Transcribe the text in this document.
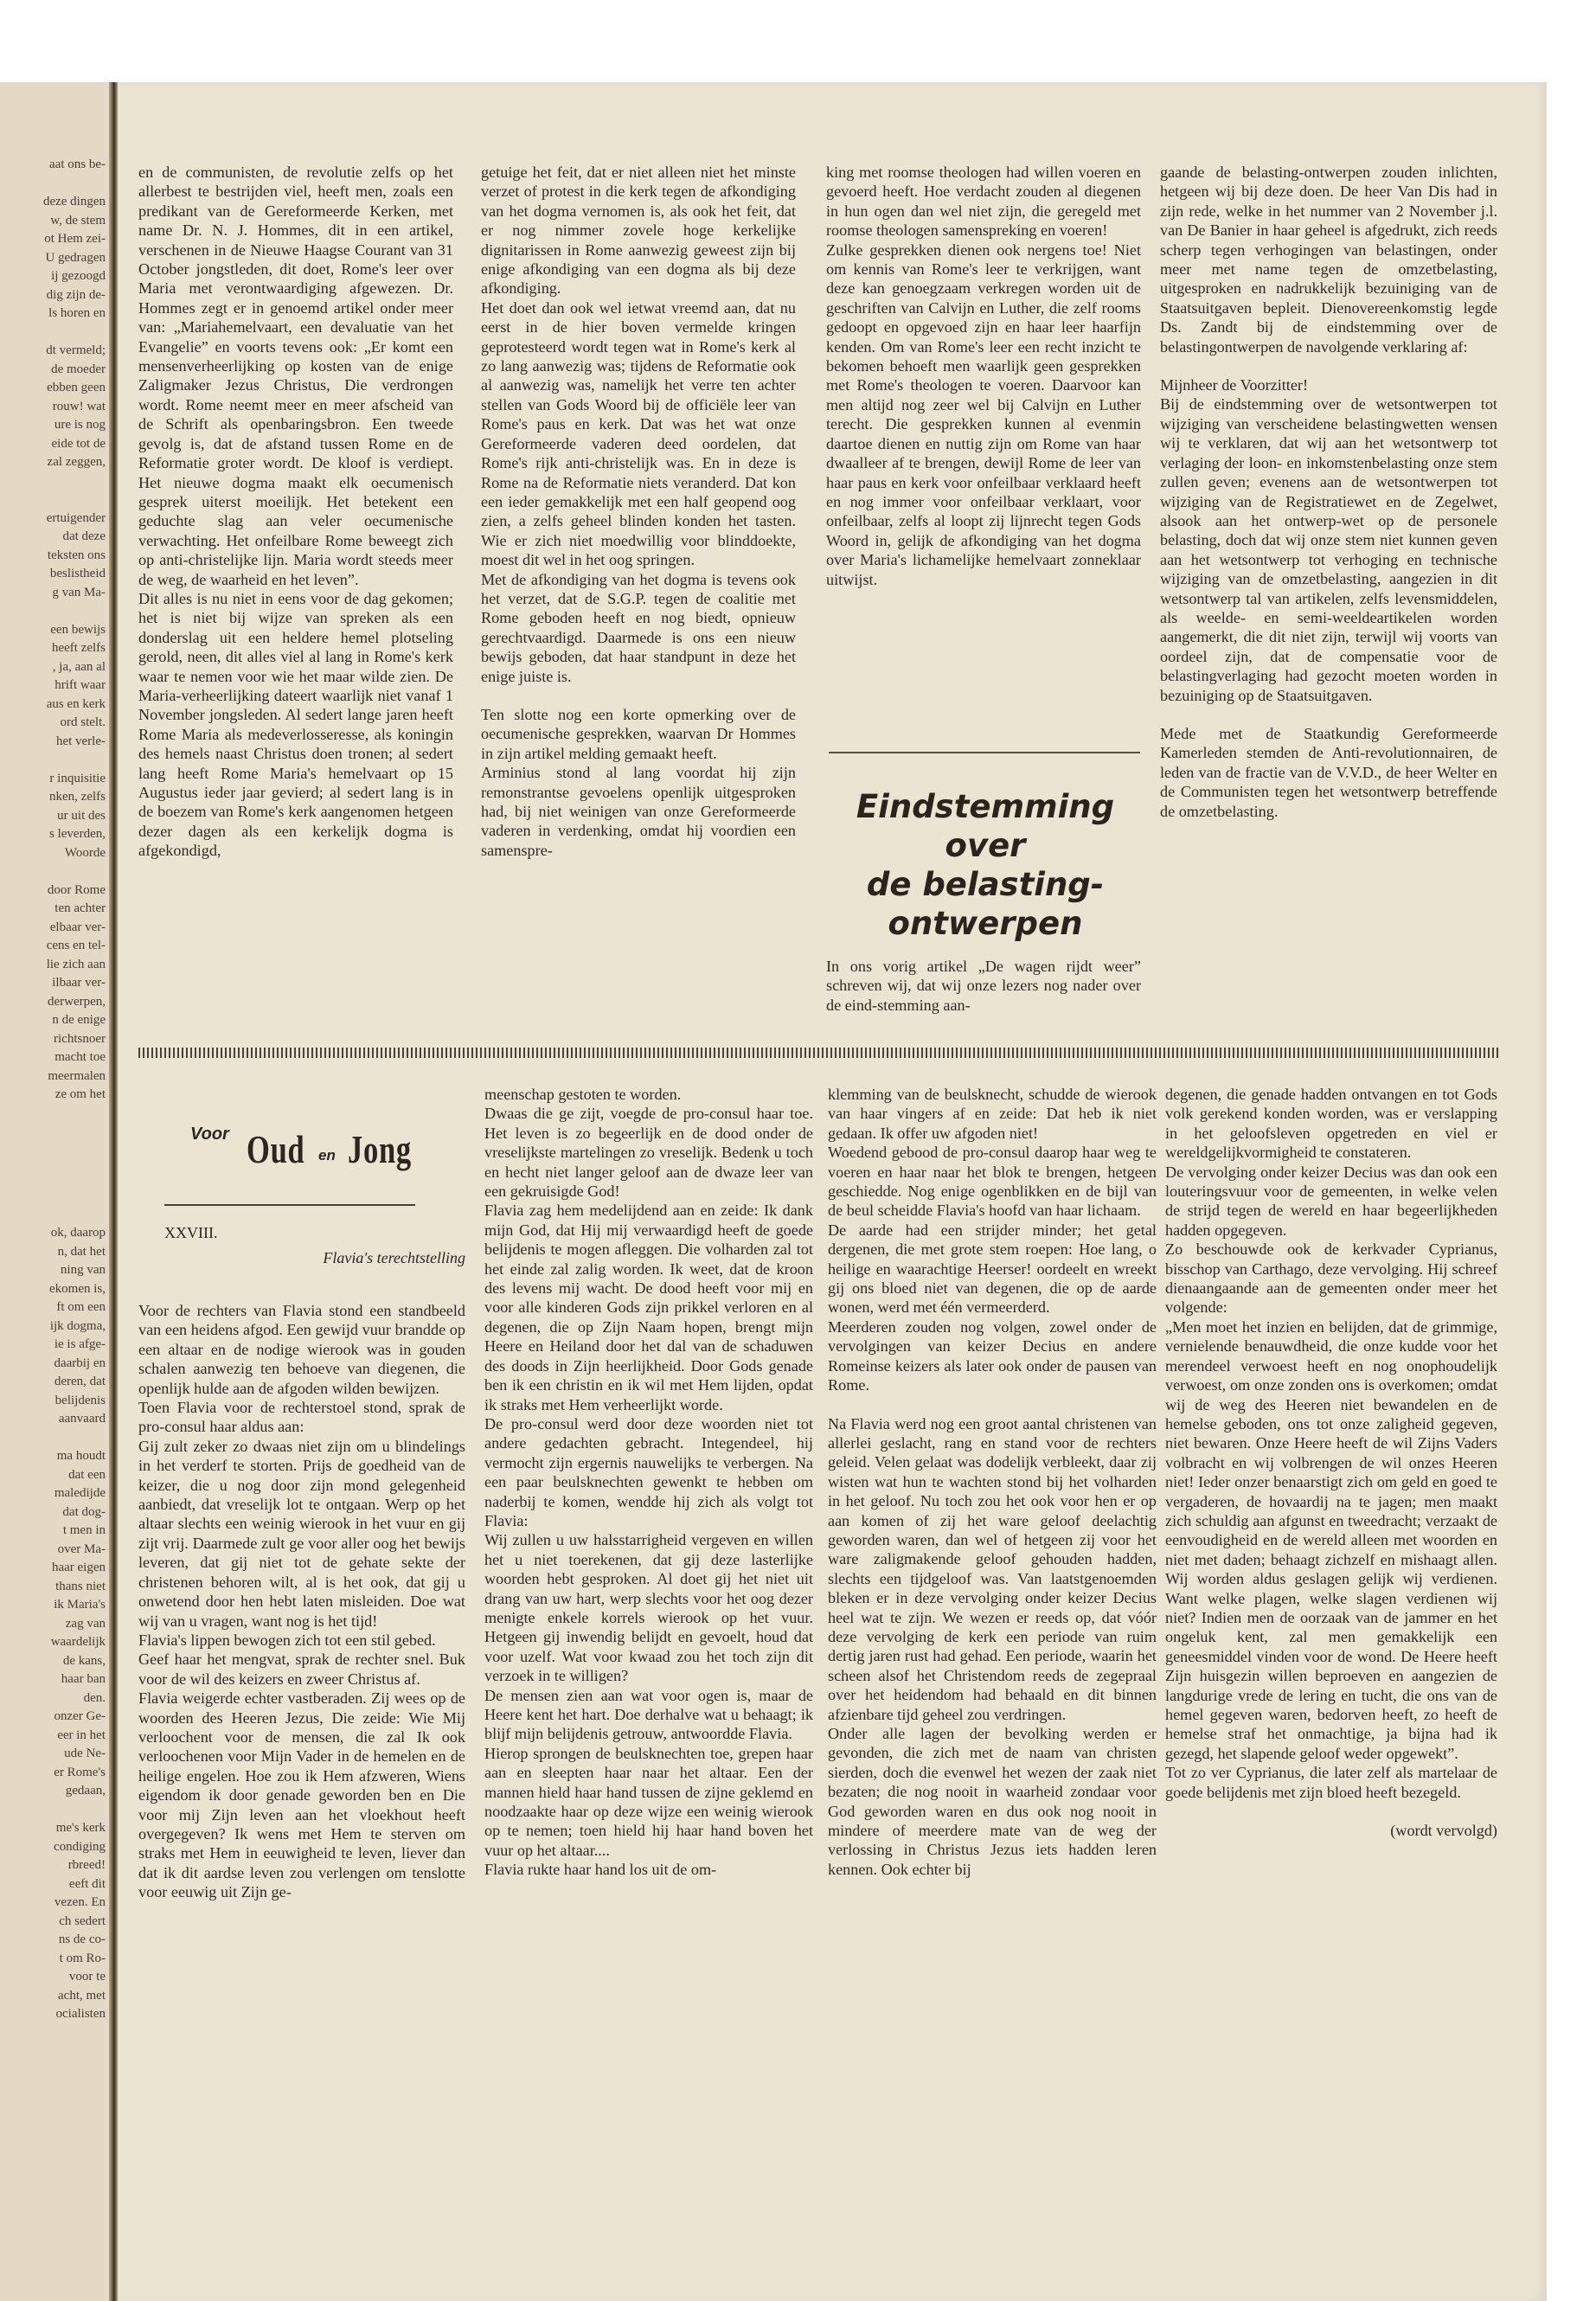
aat ons be-

deze dingen
w, de stem
ot Hem zei-
U gedragen
ij gezoogd
dig zijn de-
ls horen en

dt vermeld;
de moeder
ebben geen
rouw! wat
ure is nog
eide tot de
zal zeggen,

ertuigender
dat deze
teksten ons
beslistheid
g van Ma-

een bewijs
heeft zelfs
, ja, aan al
hrift waar
aus en kerk
ord stelt.
het verle-

r inquisitie
nken, zelfs
ur uit des
s leverden,
Woorde

door Rome
ten achter
elbaar ver-
cens en tel-
lie zich aan
ilbaar ver-
derwerpen,
n de enige
richtsnoer
macht toe
meermalen
ze om het
ok, daarop
n, dat het
ning van
ekomen is,
ft om een
ijk dogma,
ie is afge-
daarbij en
deren, dat
belijdenis
aanvaard

ma houdt
dat een
maledijde
dat dog-
t men in
over Ma-
haar eigen
thans niet
ik Maria's
zag van
waardelijk
de kans,
haar ban
den.
onzer Ge-
eer in het
ude Ne-
er Rome's
gedaan,

me's kerk
condiging
rbreed!
eeft dit
vezen. En
ch sedert
ns de co-
t om Ro-
voor te
acht, met
ocialisten

en de communisten, de revolutie zelfs op het allerbest te bestrijden viel, heeft men, zoals een predikant van de Gereformeerde Kerken, met name Dr. N. J. Hommes, dit in een artikel, verschenen in de Nieuwe Haagse Courant van 31 October jongstleden, dit doet, Rome's leer over Maria met verontwaardiging afgewezen. Dr. Hommes zegt er in genoemd artikel onder meer van: „Mariahemelvaart, een devaluatie van het Evangelie” en voorts tevens ook: „Er komt een mensenverheerlijking op kosten van de enige Zaligmaker Jezus Christus, Die verdrongen wordt. Rome neemt meer en meer afscheid van de Schrift als openbaringsbron. Een tweede gevolg is, dat de afstand tussen Rome en de Reformatie groter wordt. De kloof is verdiept. Het nieuwe dogma maakt elk oecumenisch gesprek uiterst moeilijk. Het betekent een geduchte slag aan veler oecumenische verwachting. Het onfeilbare Rome beweegt zich op anti-christelijke lijn. Maria wordt steeds meer de weg, de waarheid en het leven”.

Dit alles is nu niet in eens voor de dag gekomen; het is niet bij wijze van spreken als een donderslag uit een heldere hemel plotseling gerold, neen, dit alles viel al lang in Rome's kerk waar te nemen voor wie het maar wilde zien. De Maria-verheerlijking dateert waarlijk niet vanaf 1 November jongsleden. Al sedert lange jaren heeft Rome Maria als medeverlosseresse, als koningin des hemels naast Christus doen tronen; al sedert lang heeft Rome Maria's hemelvaart op 15 Augustus ieder jaar gevierd; al sedert lang is in de boezem van Rome's kerk aangenomen hetgeen dezer dagen als een kerkelijk dogma is afgekondigd,

getuige het feit, dat er niet alleen niet het minste verzet of protest in die kerk tegen de afkondiging van het dogma vernomen is, als ook het feit, dat er nog nimmer zovele hoge kerkelijke dignitarissen in Rome aanwezig geweest zijn bij enige afkondiging van een dogma als bij deze afkondiging.

Het doet dan ook wel ietwat vreemd aan, dat nu eerst in de hier boven vermelde kringen geprotesteerd wordt tegen wat in Rome's kerk al zo lang aanwezig was; tijdens de Reformatie ook al aanwezig was, namelijk het verre ten achter stellen van Gods Woord bij de officiële leer van Rome's paus en kerk. Dat was het wat onze Gereformeerde vaderen deed oordelen, dat Rome's rijk anti-christelijk was. En in deze is Rome na de Reformatie niets veranderd. Dat kon een ieder gemakkelijk met een half geopend oog zien, a zelfs geheel blinden konden het tasten. Wie er zich niet moedwillig voor blinddoekte, moest dit wel in het oog springen.

Met de afkondiging van het dogma is tevens ook het verzet, dat de S.G.P. tegen de coalitie met Rome geboden heeft en nog biedt, opnieuw gerechtvaardigd. Daarmede is ons een nieuw bewijs geboden, dat haar standpunt in deze het enige juiste is.

Ten slotte nog een korte opmerking over de oecumenische gesprekken, waarvan Dr Hommes in zijn artikel melding gemaakt heeft.

Arminius stond al lang voordat hij zijn remonstrantse gevoelens openlijk uitgesproken had, bij niet weinigen van onze Gereformeerde vaderen in verdenking, omdat hij voordien een samenspre-

king met roomse theologen had willen voeren en gevoerd heeft. Hoe verdacht zouden al diegenen in hun ogen dan wel niet zijn, die geregeld met roomse theologen samenspreking en voeren!

Zulke gesprekken dienen ook nergens toe! Niet om kennis van Rome's leer te verkrijgen, want deze kan genoegzaam verkregen worden uit de geschriften van Calvijn en Luther, die zelf rooms gedoopt en opgevoed zijn en haar leer haarfijn kenden. Om van Rome's leer een recht inzicht te bekomen behoeft men waarlijk geen gesprekken met Rome's theologen te voeren. Daarvoor kan men altijd nog zeer wel bij Calvijn en Luther terecht. Die gesprekken kunnen al evenmin daartoe dienen en nuttig zijn om Rome van haar dwaalleer af te brengen, dewijl Rome de leer van haar paus en kerk voor onfeilbaar verklaard heeft en nog immer voor onfeilbaar verklaart, voor onfeilbaar, zelfs al loopt zij lijnrecht tegen Gods Woord in, gelijk de afkondiging van het dogma over Maria's lichamelijke hemelvaart zonneklaar uitwijst.

Eindstemming over
de belasting-
ontwerpen

In ons vorig artikel „De wagen rijdt weer” schreven wij, dat wij onze lezers nog nader over de eind-stemming aan-

gaande de belasting-ontwerpen zouden inlichten, hetgeen wij bij deze doen. De heer Van Dis had in zijn rede, welke in het nummer van 2 November j.l. van De Banier in haar geheel is afgedrukt, zich reeds scherp tegen verhogingen van belastingen, onder meer met name tegen de omzetbelasting, uitgesproken en nadrukkelijk bezuiniging van de Staatsuitgaven bepleit. Dienovereenkomstig legde Ds. Zandt bij de eindstemming over de belastingontwerpen de navolgende verklaring af:

Mijnheer de Voorzitter!

Bij de eindstemming over de wetsontwerpen tot wijziging van verscheidene belastingwetten wensen wij te verklaren, dat wij aan het wetsontwerp tot verlaging der loon- en inkomstenbelasting onze stem zullen geven; evenens aan de wetsontwerpen tot wijziging van de Registratiewet en de Zegelwet, alsook aan het ontwerp-wet op de personele belasting, doch dat wij onze stem niet kunnen geven aan het wetsontwerp tot verhoging en technische wijziging van de omzetbelasting, aangezien in dit wetsontwerp tal van artikelen, zelfs levensmiddelen, als weelde- en semi-weeldeartikelen worden aangemerkt, die dit niet zijn, terwijl wij voorts van oordeel zijn, dat de compensatie voor de belastingverlaging had gezocht moeten worden in bezuiniging op de Staatsuitgaven.

Mede met de Staatkundig Gereformeerde Kamerleden stemden de Anti-revolutionnairen, de leden van de fractie van de V.V.D., de heer Welter en de Communisten tegen het wetsontwerp betreffende de omzetbelasting.

Voor Oud en Jong
XXVIII.
Flavia's terechtstelling

Voor de rechters van Flavia stond een standbeeld van een heidens afgod. Een gewijd vuur brandde op een altaar en de nodige wierook was in gouden schalen aanwezig ten behoeve van diegenen, die openlijk hulde aan de afgoden wilden bewijzen.

Toen Flavia voor de rechterstoel stond, sprak de pro-consul haar aldus aan:

Gij zult zeker zo dwaas niet zijn om u blindelings in het verderf te storten. Prijs de goedheid van de keizer, die u nog door zijn mond gelegenheid aanbiedt, dat vreselijk lot te ontgaan. Werp op het altaar slechts een weinig wierook in het vuur en gij zijt vrij. Daarmede zult ge voor aller oog het bewijs leveren, dat gij niet tot de gehate sekte der christenen behoren wilt, al is het ook, dat gij u onwetend door hen hebt laten misleiden. Doe wat wij van u vragen, want nog is het tijd!

Flavia's lippen bewogen zich tot een stil gebed.

Geef haar het mengvat, sprak de rechter snel. Buk voor de wil des keizers en zweer Christus af.

Flavia weigerde echter vastberaden. Zij wees op de woorden des Heeren Jezus, Die zeide: Wie Mij verloochent voor de mensen, die zal Ik ook verloochenen voor Mijn Vader in de hemelen en de heilige engelen. Hoe zou ik Hem afzweren, Wiens eigendom ik door genade geworden ben en Die voor mij Zijn leven aan het vloekhout heeft overgegeven? Ik wens met Hem te sterven om straks met Hem in eeuwigheid te leven, liever dan dat ik dit aardse leven zou verlengen om tenslotte voor eeuwig uit Zijn ge-

meenschap gestoten te worden.

Dwaas die ge zijt, voegde de pro-consul haar toe. Het leven is zo begeerlijk en de dood onder de vreselijkste martelingen zo vreselijk. Bedenk u toch en hecht niet langer geloof aan de dwaze leer van een gekruisigde God!

Flavia zag hem medelijdend aan en zeide: Ik dank mijn God, dat Hij mij verwaardigd heeft de goede belijdenis te mogen afleggen. Die volharden zal tot het einde zal zalig worden. Ik weet, dat de kroon des levens mij wacht. De dood heeft voor mij en voor alle kinderen Gods zijn prikkel verloren en al degenen, die op Zijn Naam hopen, brengt mijn Heere en Heiland door het dal van de schaduwen des doods in Zijn heerlijkheid. Door Gods genade ben ik een christin en ik wil met Hem lijden, opdat ik straks met Hem verheerlijkt worde.

De pro-consul werd door deze woorden niet tot andere gedachten gebracht. Integendeel, hij vermocht zijn ergernis nauwelijks te verbergen. Na een paar beulsknechten gewenkt te hebben om naderbij te komen, wendde hij zich als volgt tot Flavia:

Wij zullen u uw halsstarrigheid vergeven en willen het u niet toerekenen, dat gij deze lasterlijke woorden hebt gesproken. Al doet gij het niet uit drang van uw hart, werp slechts voor het oog dezer menigte enkele korrels wierook op het vuur. Hetgeen gij inwendig belijdt en gevoelt, houd dat voor uzelf. Wat voor kwaad zou het toch zijn dit verzoek in te willigen?

De mensen zien aan wat voor ogen is, maar de Heere kent het hart. Doe derhalve wat u behaagt; ik blijf mijn belijdenis getrouw, antwoordde Flavia.

Hierop sprongen de beulsknechten toe, grepen haar aan en sleepten haar naar het altaar. Een der mannen hield haar hand tussen de zijne geklemd en noodzaakte haar op deze wijze een weinig wierook op te nemen; toen hield hij haar hand boven het vuur op het altaar....

Flavia rukte haar hand los uit de om-

klemming van de beulsknecht, schudde de wierook van haar vingers af en zeide: Dat heb ik niet gedaan. Ik offer uw afgoden niet!

Woedend gebood de pro-consul daarop haar weg te voeren en haar naar het blok te brengen, hetgeen geschiedde. Nog enige ogenblikken en de bijl van de beul scheidde Flavia's hoofd van haar lichaam.

De aarde had een strijder minder; het getal dergenen, die met grote stem roepen: Hoe lang, o heilige en waarachtige Heerser! oordeelt en wreekt gij ons bloed niet van degenen, die op de aarde wonen, werd met één vermeerderd.

Meerderen zouden nog volgen, zowel onder de vervolgingen van keizer Decius en andere Romeinse keizers als later ook onder de pausen van Rome.

Na Flavia werd nog een groot aantal christenen van allerlei geslacht, rang en stand voor de rechters geleid. Velen gelaat was dodelijk verbleekt, daar zij wisten wat hun te wachten stond bij het volharden in het geloof. Nu toch zou het ook voor hen er op aan komen of zij het ware geloof deelachtig geworden waren, dan wel of hetgeen zij voor het ware zaligmakende geloof gehouden hadden, slechts een tijdgeloof was. Van laatstgenoemden bleken er in deze vervolging onder keizer Decius heel wat te zijn. We wezen er reeds op, dat vóór deze vervolging de kerk een periode van ruim dertig jaren rust had gehad. Een periode, waarin het scheen alsof het Christendom reeds de zegepraal over het heidendom had behaald en dit binnen afzienbare tijd geheel zou verdringen.

Onder alle lagen der bevolking werden er gevonden, die zich met de naam van christen sierden, doch die evenwel het wezen der zaak niet bezaten; die nog nooit in waarheid zondaar voor God geworden waren en dus ook nog nooit in mindere of meerdere mate van de weg der verlossing in Christus Jezus iets hadden leren kennen. Ook echter bij

degenen, die genade hadden ontvangen en tot Gods volk gerekend konden worden, was er verslapping in het geloofsleven opgetreden en viel er wereldgelijkvormigheid te constateren.

De vervolging onder keizer Decius was dan ook een louteringsvuur voor de gemeenten, in welke velen de strijd tegen de wereld en haar begeerlijkheden hadden opgegeven.

Zo beschouwde ook de kerkvader Cyprianus, bisschop van Carthago, deze vervolging. Hij schreef dienaangaande aan de gemeenten onder meer het volgende:

„Men moet het inzien en belijden, dat de grimmige, vernielende benauwdheid, die onze kudde voor het merendeel verwoest heeft en nog onophoudelijk verwoest, om onze zonden ons is overkomen; omdat wij de weg des Heeren niet bewandelen en de hemelse geboden, ons tot onze zaligheid gegeven, niet bewaren. Onze Heere heeft de wil Zijns Vaders volbracht en wij volbrengen de wil onzes Heeren niet! Ieder onzer benaarstigt zich om geld en goed te vergaderen, de hovaardij na te jagen; men maakt zich schuldig aan afgunst en tweedracht; verzaakt de eenvoudigheid en de wereld alleen met woorden en niet met daden; behaagt zichzelf en mishaagt allen. Wij worden aldus geslagen gelijk wij verdienen. Want welke plagen, welke slagen verdienen wij niet? Indien men de oorzaak van de jammer en het ongeluk kent, zal men gemakkelijk een geneesmiddel vinden voor de wond. De Heere heeft Zijn huisgezin willen beproeven en aangezien de langdurige vrede de lering en tucht, die ons van de hemel gegeven waren, bedorven heeft, zo heeft de hemelse straf het onmachtige, ja bijna had ik gezegd, het slapende geloof weder opgewekt”.

Tot zo ver Cyprianus, die later zelf als martelaar de goede belijdenis met zijn bloed heeft bezegeld.

(wordt vervolgd)
